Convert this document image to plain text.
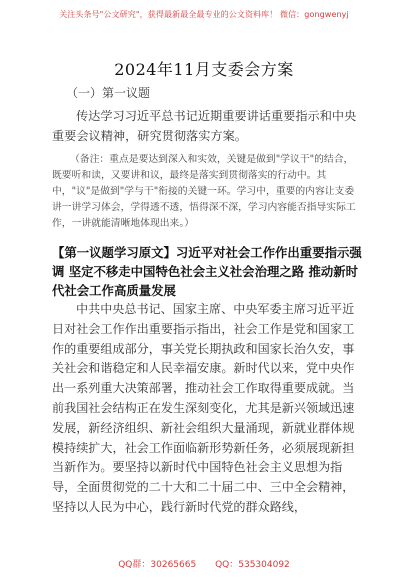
关注头条号"公文研究"，获得最新最全最专业的公文资料库！ 微信：gongwenyj
2024年11月支委会方案
（一）第一议题
传达学习习近平总书记近期重要讲话重要指示和中央重要会议精神，研究贯彻落实方案。
（备注：重点是要达到深入和实效，关键是做到"学议干"的结合，既要听和读，又要讲和议，最终是落实到贯彻落实的行动中。其中，"议"是做到"学与干"衔接的关键一环。学习中，重要的内容让支委讲一讲学习体会，学得透不透，悟得深不深，学习内容能否指导实际工作，一讲就能清晰地体现出来。）
【第一议题学习原文】习近平对社会工作作出重要指示强调 坚定不移走中国特色社会主义社会治理之路 推动新时代社会工作高质量发展
中共中央总书记、国家主席、中央军委主席习近平近日对社会工作作出重要指示指出，社会工作是党和国家工作的重要组成部分，事关党长期执政和国家长治久安，事关社会和谐稳定和人民幸福安康。新时代以来，党中央作出一系列重大决策部署，推动社会工作取得重要成就。当前我国社会结构正在发生深刻变化，尤其是新兴领域迅速发展，新经济组织、新社会组织大量涌现，新就业群体规模持续扩大，社会工作面临新形势新任务，必须展现新担当新作为。要坚持以新时代中国特色社会主义思想为指导，全面贯彻党的二十大和二十届二中、三中全会精神，坚持以人民为中心，践行新时代党的群众路线，
QQ群：30265665 QQ：535304092
